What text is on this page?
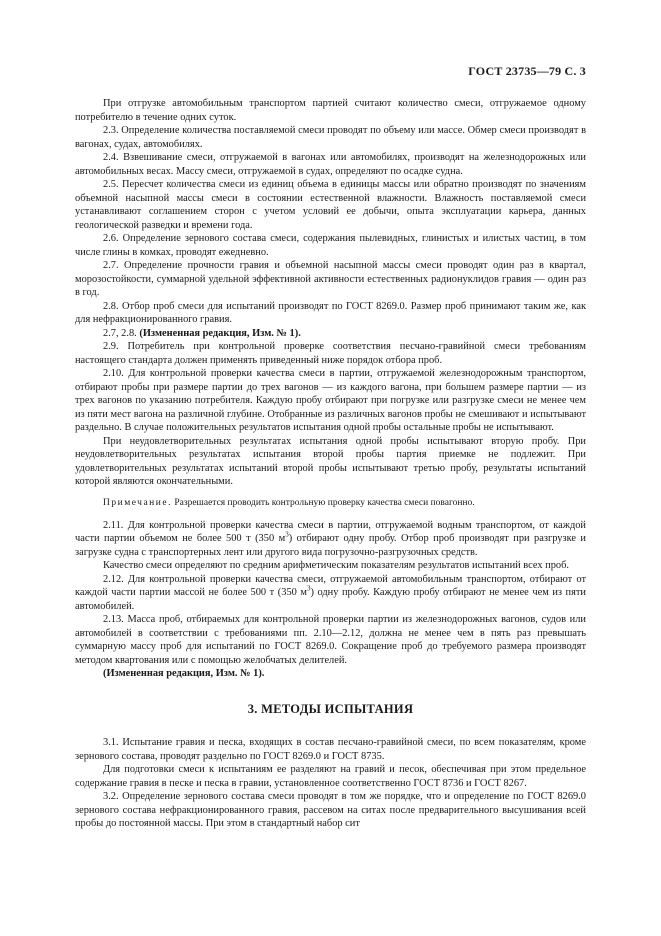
ГОСТ 23735—79 С. 3

При отгрузке автомобильным транспортом партией считают количество смеси, отгружаемое одному потребителю в течение одних суток.

2.3. Определение количества поставляемой смеси проводят по объему или массе. Обмер смеси производят в вагонах, судах, автомобилях.

2.4. Взвешивание смеси, отгружаемой в вагонах или автомобилях, производят на железнодорожных или автомобильных весах. Массу смеси, отгружаемой в судах, определяют по осадке судна.

2.5. Пересчет количества смеси из единиц объема в единицы массы или обратно производят по значениям объемной насыпной массы смеси в состоянии естественной влажности. Влажность поставляемой смеси устанавливают соглашением сторон с учетом условий ее добычи, опыта эксплуатации карьера, данных геологической разведки и времени года.

2.6. Определение зернового состава смеси, содержания пылевидных, глинистых и илистых частиц, в том числе глины в комках, проводят ежедневно.

2.7. Определение прочности гравия и объемной насыпной массы смеси проводят один раз в квартал, морозостойкости, суммарной удельной эффективной активности естественных радионуклидов гравия — один раз в год.

2.8. Отбор проб смеси для испытаний производят по ГОСТ 8269.0. Размер проб принимают таким же, как для нефракционированного гравия.

2.7, 2.8. (Измененная редакция, Изм. № 1).

2.9. Потребитель при контрольной проверке соответствия песчано-гравийной смеси требованиям настоящего стандарта должен применять приведенный ниже порядок отбора проб.

2.10. Для контрольной проверки качества смеси в партии, отгружаемой железнодорожным транспортом, отбирают пробы при размере партии до трех вагонов — из каждого вагона, при большем размере партии — из трех вагонов по указанию потребителя. Каждую пробу отбирают при погрузке или разгрузке смеси не менее чем из пяти мест вагона на различной глубине. Отобранные из различных вагонов пробы не смешивают и испытывают раздельно. В случае положительных результатов испытания одной пробы остальные пробы не испытывают.

При неудовлетворительных результатах испытания одной пробы испытывают вторую пробу. При неудовлетворительных результатах испытания второй пробы партия приемке не подлежит. При удовлетворительных результатах испытаний второй пробы испытывают третью пробу, результаты испытаний которой являются окончательными.

Примечание. Разрешается проводить контрольную проверку качества смеси повагонно.

2.11. Для контрольной проверки качества смеси в партии, отгружаемой водным транспортом, от каждой части партии объемом не более 500 т (350 $м^3$) отбирают одну пробу. Отбор проб производят при разгрузке и загрузке судна с транспортерных лент или другого вида погрузочно-разгрузочных средств.

Качество смеси определяют по средним арифметическим показателям результатов испытаний всех проб.

2.12. Для контрольной проверки качества смеси, отгружаемой автомобильным транспортом, отбирают от каждой части партии массой не более 500 т (350 $м^3$) одну пробу. Каждую пробу отбирают не менее чем из пяти автомобилей.

2.13. Масса проб, отбираемых для контрольной проверки партии из железнодорожных вагонов, судов или автомобилей в соответствии с требованиями пп. 2.10—2.12, должна не менее чем в пять раз превышать суммарную массу проб для испытаний по ГОСТ 8269.0. Сокращение проб до требуемого размера производят методом квартования или с помощью желобчатых делителей.

(Измененная редакция, Изм. № 1).

3. МЕТОДЫ ИСПЫТАНИЯ

3.1. Испытание гравия и песка, входящих в состав песчано-гравийной смеси, по всем показателям, кроме зернового состава, проводят раздельно по ГОСТ 8269.0 и ГОСТ 8735.

Для подготовки смеси к испытаниям ее разделяют на гравий и песок, обеспечивая при этом предельное содержание гравия в песке и песка в гравии, установленное соответственно ГОСТ 8736 и ГОСТ 8267.

3.2. Определение зернового состава смеси проводят в том же порядке, что и определение по ГОСТ 8269.0 зернового состава нефракционированного гравия, рассевом на ситах после предварительного высушивания всей пробы до постоянной массы. При этом в стандартный набор сит
